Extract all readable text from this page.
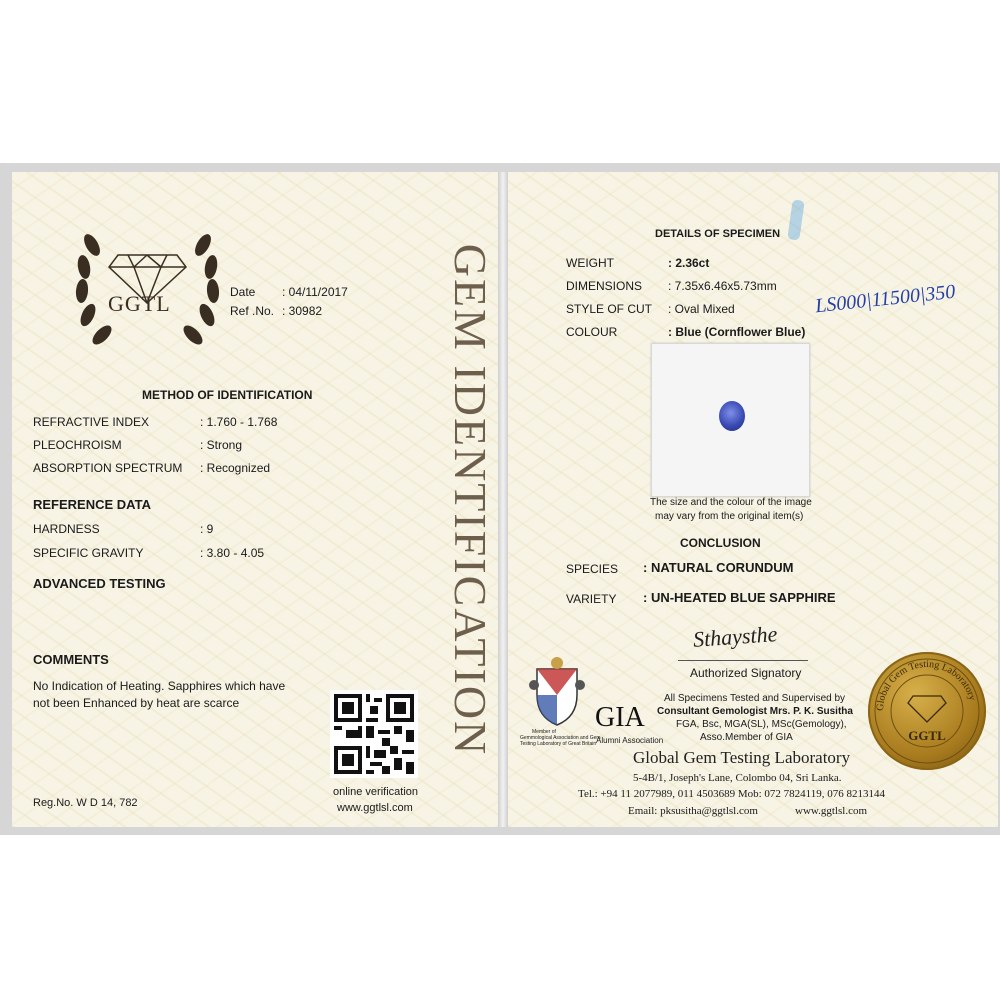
GGTL	Date : 04/11/2017
Ref .No. : 30982
METHOD OF IDENTIFICATION
REFRACTIVE INDEX	: 1.760 - 1.768
PLEOCHROISM	: Strong
ABSORPTION SPECTRUM : Recognized
REFERENCE DATA
HARDNESS	: 9
SPECIFIC GRAVITY	: 3.80 - 4.05
ADVANCED TESTING
COMMENTS
No Indication of Heating. Sapphires which have
not been Enhanced by heat are scarce
online verification
www.ggtlsl.com
Reg.No. W D 14, 782
GEM IDENTIFICATION
DETAILS OF SPECIMEN
WEIGHT	: 2.36ct
DIMENSIONS : 7.35x6.46x5.73mm
STYLE OF CUT : Oval Mixed
COLOUR	: Blue (Cornflower Blue)
LS000|11500|350
The size and the colour of the image
may vary from the original item(s)
CONCLUSION
SPECIES : NATURAL CORUNDUM
VARIETY : UN-HEATED BLUE SAPPHIRE
Sthaysthe
Authorized Signatory
All Specimens Tested and Supervised by
Consultant Gemologist Mrs. P. K. Susitha
FGA, Bsc, MGA(SL), MSc(Gemology),
Asso.Member of GIA
Member of
Gemmological Association and Gem
Testing Laboratory of Great Britain
GIA
Alumni Association
Global Gem Testing Laboratory
5-4B/1, Joseph's Lane, Colombo 04, Sri Lanka.
Tel.: +94 11 2077989, 011 4503689 Mob: 072 7824119, 076 8213144
Email: pksusitha@ggtlsl.com	www.ggtlsl.com
Global Gem Testing Laboratory
GGTL
